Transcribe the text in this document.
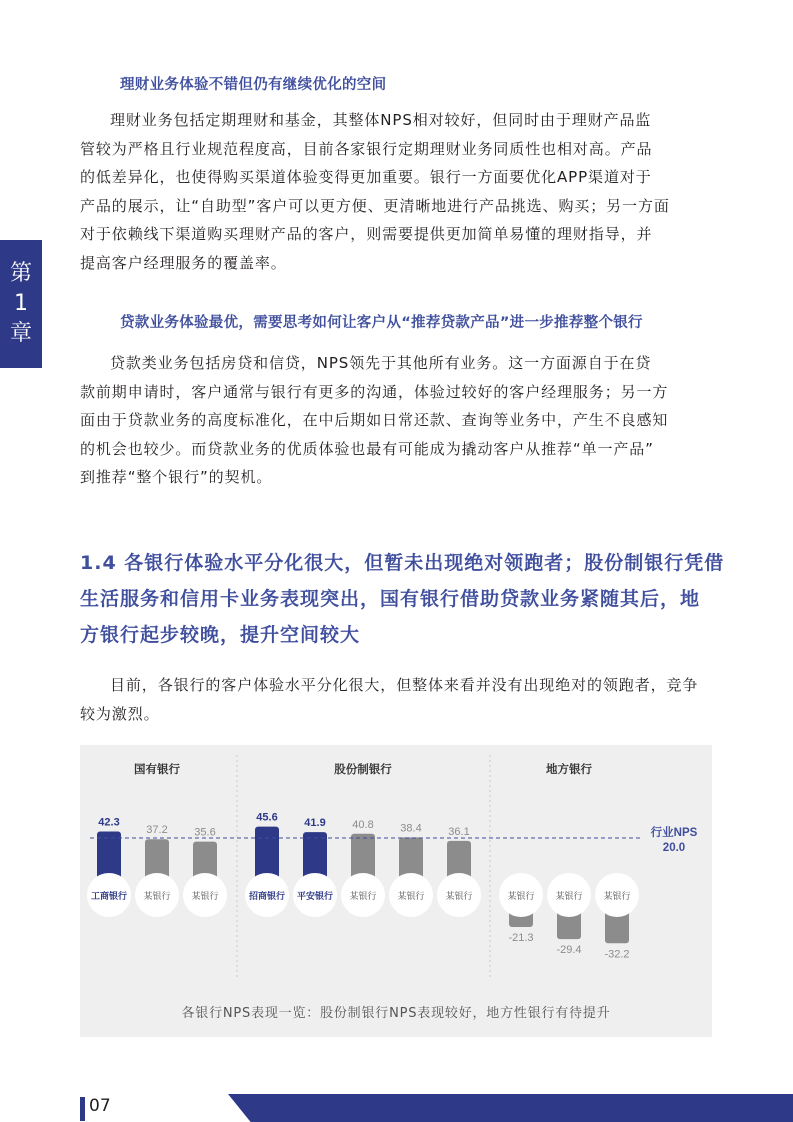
第
1
章
理财业务体验不错但仍有继续优化的空间
理财业务包括定期理财和基金，其整体NPS相对较好，但同时由于理财产品监
管较为严格且行业规范程度高，目前各家银行定期理财业务同质性也相对高。产品
的低差异化，也使得购买渠道体验变得更加重要。银行一方面要优化APP渠道对于
产品的展示，让“自助型”客户可以更方便、更清晰地进行产品挑选、购买；另一方面
对于依赖线下渠道购买理财产品的客户，则需要提供更加简单易懂的理财指导，并
提高客户经理服务的覆盖率。
贷款业务体验最优，需要思考如何让客户从“推荐贷款产品”进一步推荐整个银行
贷款类业务包括房贷和信贷，NPS领先于其他所有业务。这一方面源自于在贷
款前期申请时，客户通常与银行有更多的沟通，体验过较好的客户经理服务；另一方
面由于贷款业务的高度标准化，在中后期如日常还款、查询等业务中，产生不良感知
的机会也较少。而贷款业务的优质体验也最有可能成为撬动客户从推荐“单一产品”
到推荐“整个银行”的契机。
1.4 各银行体验水平分化很大，但暂未出现绝对领跑者；股份制银行凭借
生活服务和信用卡业务表现突出，国有银行借助贷款业务紧随其后，地
方银行起步较晚，提升空间较大
目前，各银行的客户体验水平分化很大，但整体来看并没有出现绝对的领跑者，竞争
较为激烈。
国有银行
42.3
工商银行
37.2
某银行
35.6
某银行
股份制银行
45.6
招商银行
41.9
平安银行
40.8
某银行
38.4
某银行
36.1
某银行
地方银行
-21.3
某银行
-29.4
某银行
-32.2
某银行
行业NPS
20.0
各银行NPS表现一览：股份制银行NPS表现较好，地方性银行有待提升
07
